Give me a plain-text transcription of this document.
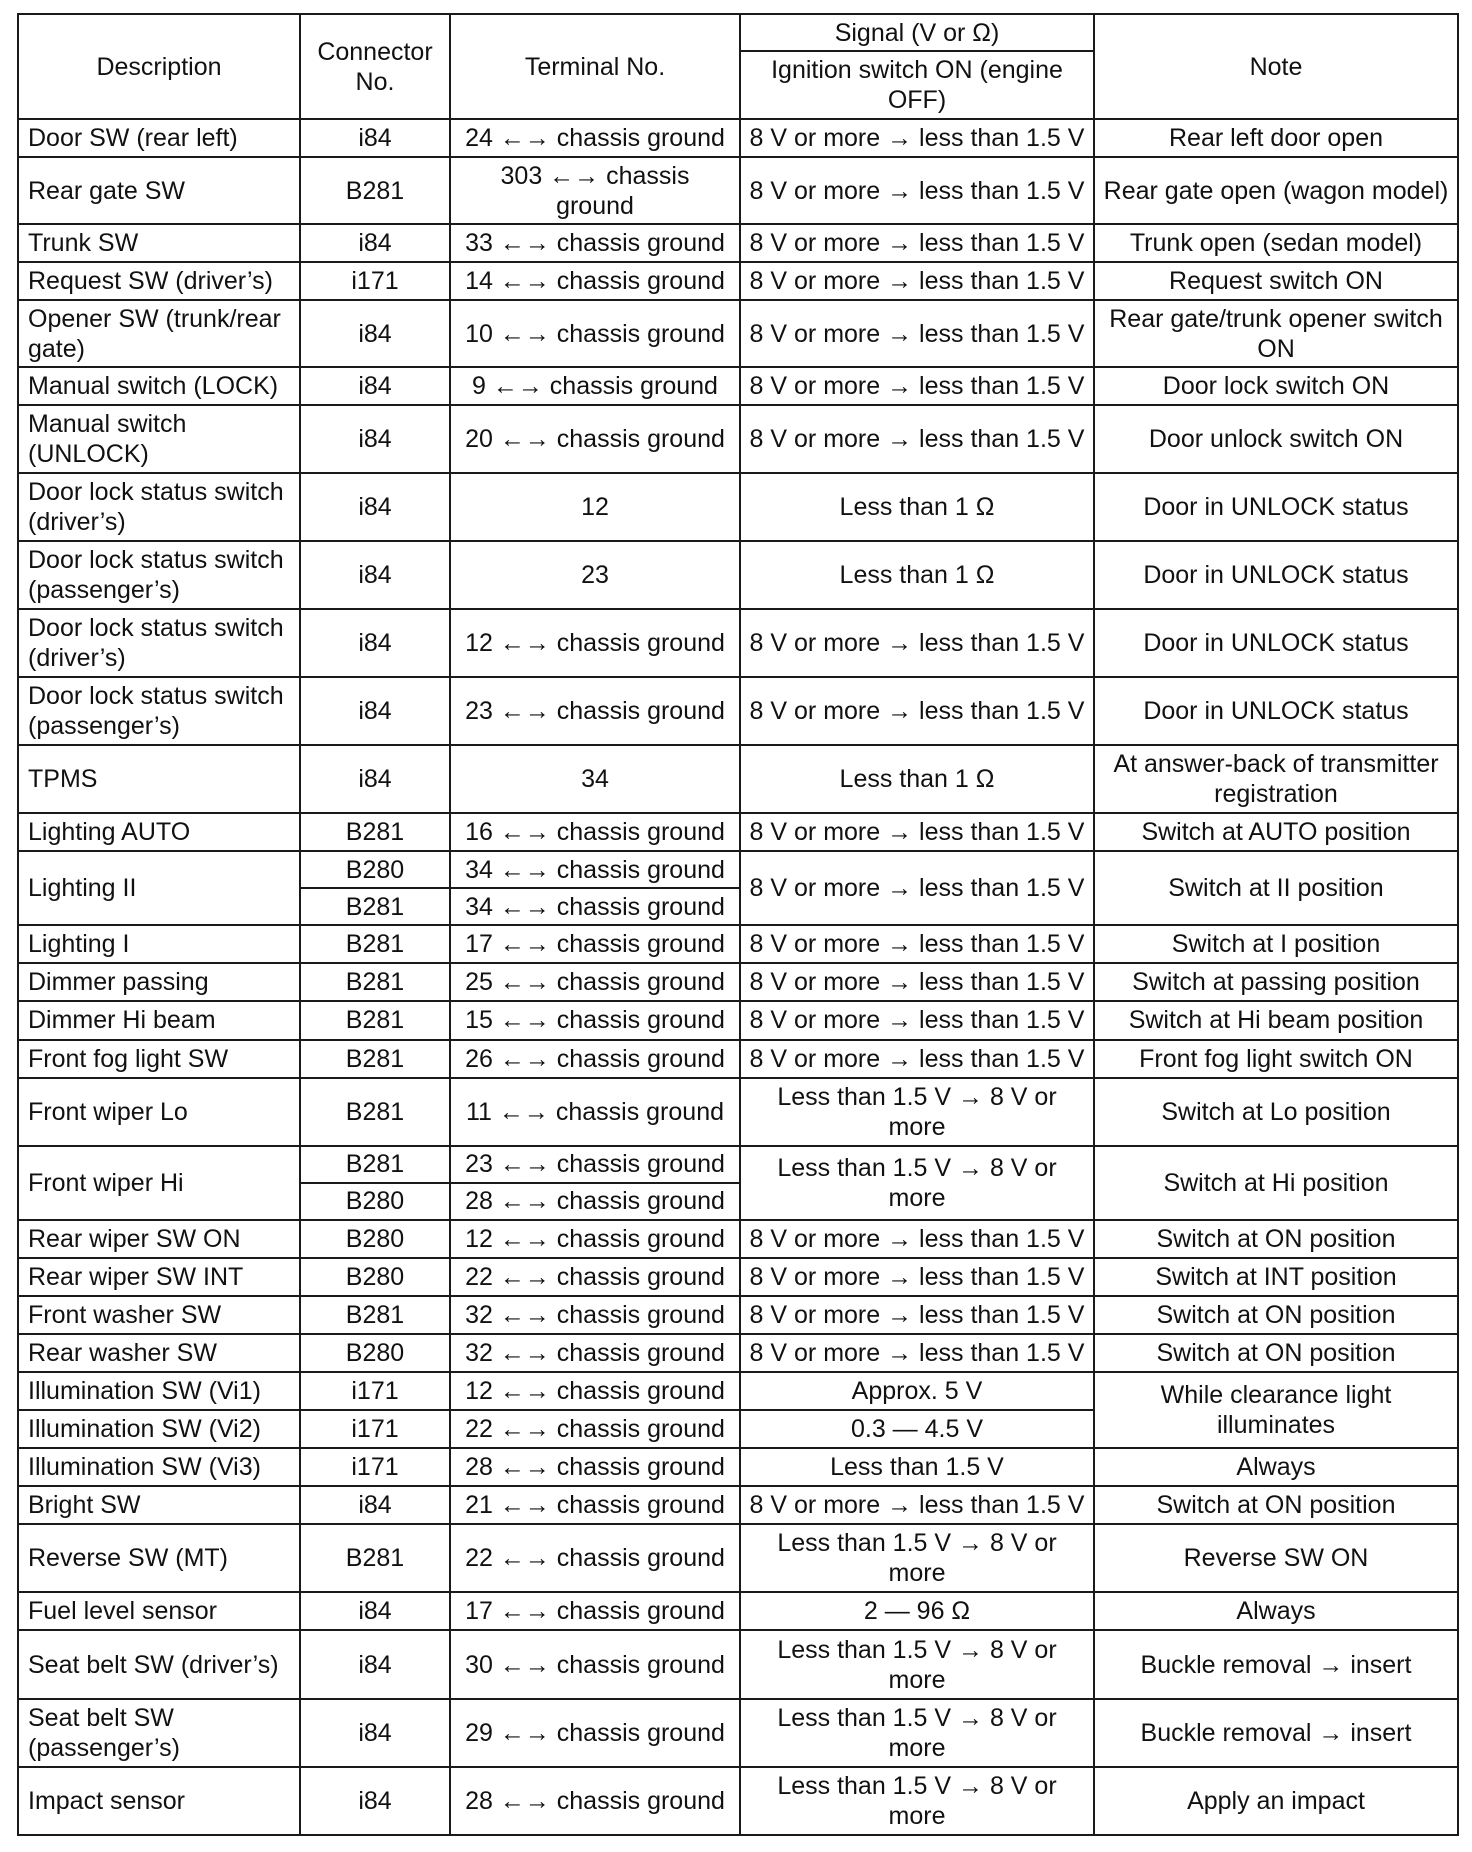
Description	Connector No.	Terminal No.	Signal (V or Ω)	Note
			Ignition switch ON (engine OFF)	
Door SW (rear left)	i84	24 ←→ chassis ground	8 V or more → less than 1.5 V	Rear left door open
Rear gate SW	B281	303 ←→ chassis ground	8 V or more → less than 1.5 V	Rear gate open (wagon model)
Trunk SW	i84	33 ←→ chassis ground	8 V or more → less than 1.5 V	Trunk open (sedan model)
Request SW (driver’s)	i171	14 ←→ chassis ground	8 V or more → less than 1.5 V	Request switch ON
Opener SW (trunk/rear gate)	i84	10 ←→ chassis ground	8 V or more → less than 1.5 V	Rear gate/trunk opener switch ON
Manual switch (LOCK)	i84	9 ←→ chassis ground	8 V or more → less than 1.5 V	Door lock switch ON
Manual switch (UNLOCK)	i84	20 ←→ chassis ground	8 V or more → less than 1.5 V	Door unlock switch ON
Door lock status switch (driver’s)	i84	12	Less than 1 Ω	Door in UNLOCK status
Door lock status switch (passenger’s)	i84	23	Less than 1 Ω	Door in UNLOCK status
Door lock status switch (driver’s)	i84	12 ←→ chassis ground	8 V or more → less than 1.5 V	Door in UNLOCK status
Door lock status switch (passenger’s)	i84	23 ←→ chassis ground	8 V or more → less than 1.5 V	Door in UNLOCK status
TPMS	i84	34	Less than 1 Ω	At answer-back of transmitter registration
Lighting AUTO	B281	16 ←→ chassis ground	8 V or more → less than 1.5 V	Switch at AUTO position
Lighting II	B280	34 ←→ chassis ground	8 V or more → less than 1.5 V	Switch at II position
	B281	34 ←→ chassis ground		
Lighting I	B281	17 ←→ chassis ground	8 V or more → less than 1.5 V	Switch at I position
Dimmer passing	B281	25 ←→ chassis ground	8 V or more → less than 1.5 V	Switch at passing position
Dimmer Hi beam	B281	15 ←→ chassis ground	8 V or more → less than 1.5 V	Switch at Hi beam position
Front fog light SW	B281	26 ←→ chassis ground	8 V or more → less than 1.5 V	Front fog light switch ON
Front wiper Lo	B281	11 ←→ chassis ground	Less than 1.5 V → 8 V or more	Switch at Lo position
Front wiper Hi	B281	23 ←→ chassis ground	Less than 1.5 V → 8 V or more	Switch at Hi position
	B280	28 ←→ chassis ground		
Rear wiper SW ON	B280	12 ←→ chassis ground	8 V or more → less than 1.5 V	Switch at ON position
Rear wiper SW INT	B280	22 ←→ chassis ground	8 V or more → less than 1.5 V	Switch at INT position
Front washer SW	B281	32 ←→ chassis ground	8 V or more → less than 1.5 V	Switch at ON position
Rear washer SW	B280	32 ←→ chassis ground	8 V or more → less than 1.5 V	Switch at ON position
Illumination SW (Vi1)	i171	12 ←→ chassis ground	Approx. 5 V	While clearance light illuminates
Illumination SW (Vi2)	i171	22 ←→ chassis ground	0.3 — 4.5 V	
Illumination SW (Vi3)	i171	28 ←→ chassis ground	Less than 1.5 V	Always
Bright SW	i84	21 ←→ chassis ground	8 V or more → less than 1.5 V	Switch at ON position
Reverse SW (MT)	B281	22 ←→ chassis ground	Less than 1.5 V → 8 V or more	Reverse SW ON
Fuel level sensor	i84	17 ←→ chassis ground	2 — 96 Ω	Always
Seat belt SW (driver’s)	i84	30 ←→ chassis ground	Less than 1.5 V → 8 V or more	Buckle removal → insert
Seat belt SW (passenger’s)	i84	29 ←→ chassis ground	Less than 1.5 V → 8 V or more	Buckle removal → insert
Impact sensor	i84	28 ←→ chassis ground	Less than 1.5 V → 8 V or more	Apply an impact
